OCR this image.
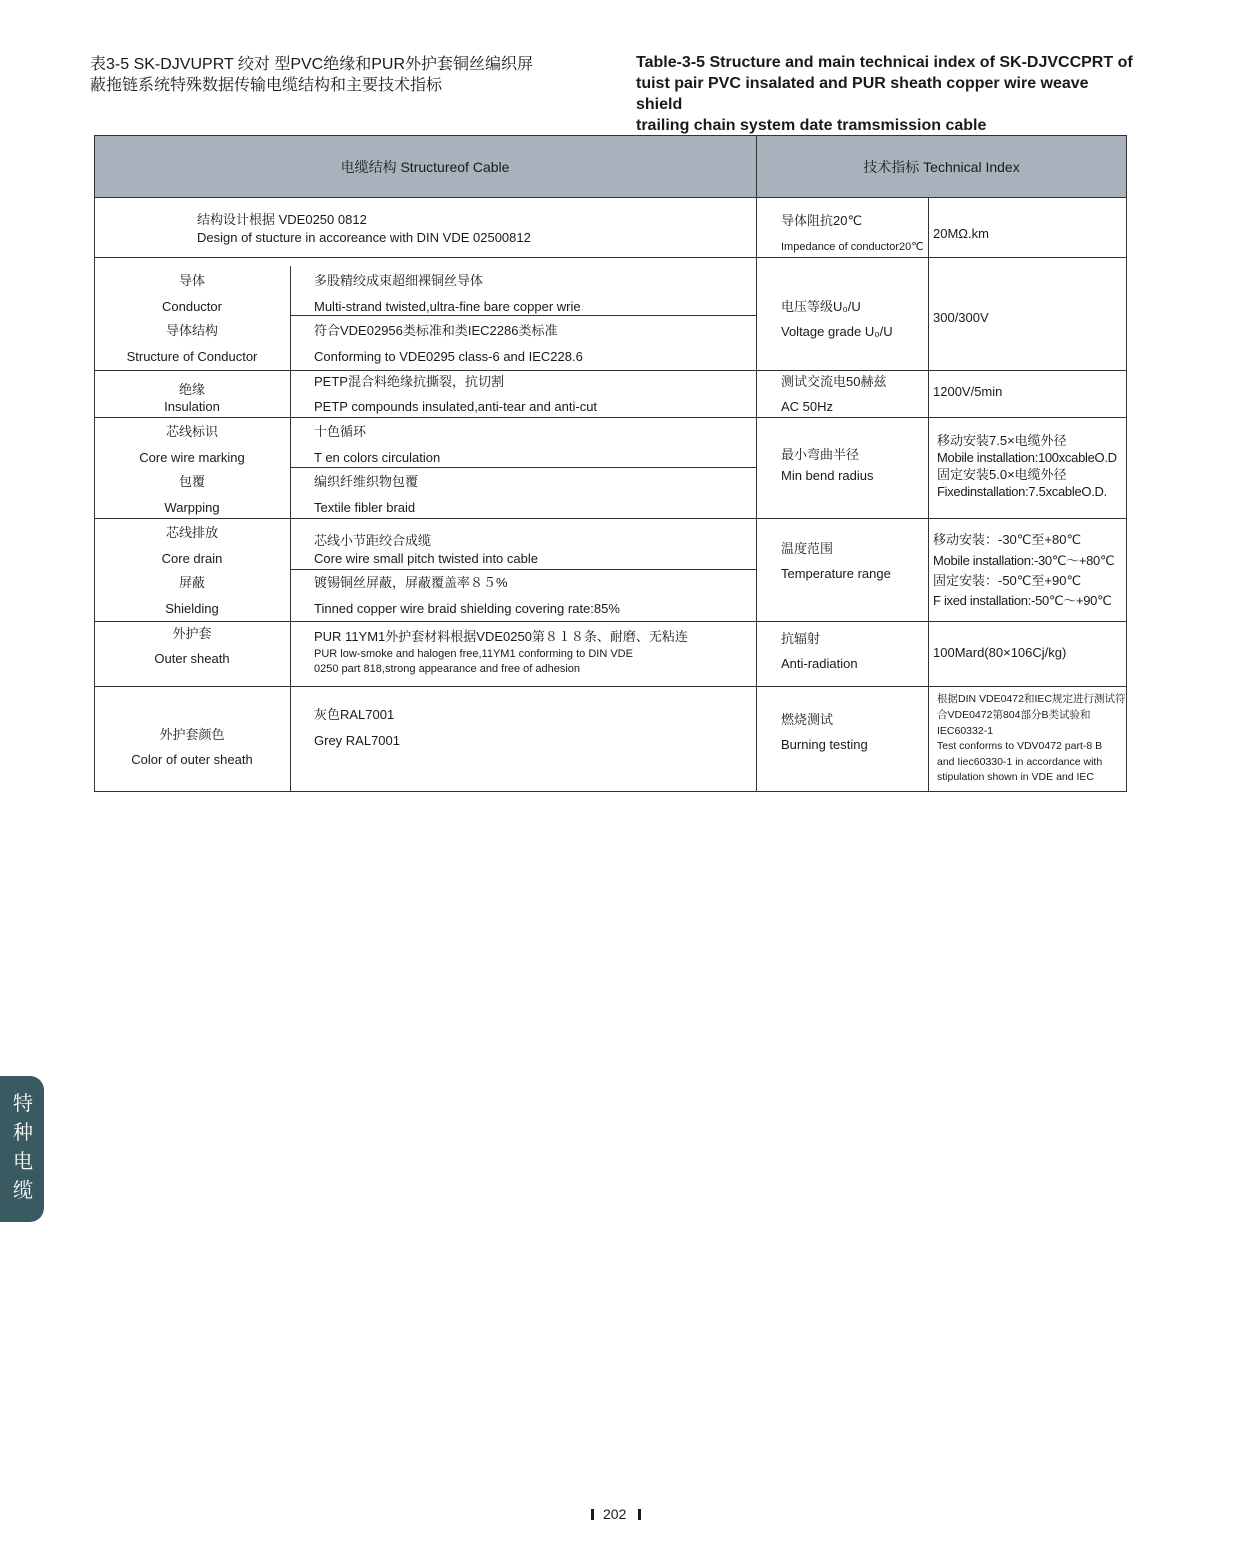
表3-5 SK-DJVUPRT 绞对 型PVC绝缘和PUR外护套铜丝编织屏
蔽拖链系统特殊数据传输电缆结构和主要技术指标
Table-3-5 Structure and main technicai index of SK-DJVCCPRT of
tuist pair PVC insalated and PUR sheath copper wire weave shield
trailing chain system date tramsmission cable
电缆结构 Structureof Cable	技术指标 Technical Index
结构设计根据 VDE0250 0812
Design of stucture in accoreance with DIN VDE 02500812
导体
Conductor
多股精绞成束超细裸铜丝导体
Multi-strand twisted,ultra-fine bare copper wrie
导体结构
Structure of Conductor
符合VDE02956类标准和类IEC2286类标准
Conforming to VDE0295 class-6 and IEC228.6
绝缘
Insulation
PETP混合料绝缘抗撕裂，抗切割
PETP compounds insulated,anti-tear and anti-cut
芯线标识
Core wire marking
十色循环
T en colors circulation
包覆
Warpping
编织纤维织物包覆
Textile fibler braid
芯线排放
Core drain
芯线小节距绞合成缆
Core wire small pitch twisted into cable
屏蔽
Shielding
镀锡铜丝屏蔽，屏蔽覆盖率８５%
Tinned copper wire braid shielding covering rate:85%
外护套
Outer sheath
PUR 11YM1外护套材料根据VDE0250第８１８条、耐磨、无粘连
PUR low-smoke and halogen free,11YM1 conforming to DIN VDE
0250 part 818,strong appearance and free of adhesion
外护套颜色
Color of outer sheath
灰色RAL7001
Grey RAL7001
导体阻抗20℃
Impedance of conductor20℃
20MΩ.km
电压等级U₀/U
Voltage grade U₀/U
300/300V
测试交流电50赫兹
AC 50Hz
1200V/5min
最小弯曲半径
Min bend radius
移动安装7.5×电缆外径
Mobile installation:100xcableO.D
固定安装5.0×电缆外径
Fixedinstallation:7.5xcableO.D.
温度范围
Temperature range
移动安装：-30℃至+80℃
Mobile installation:-30℃～+80℃
固定安装：-50℃至+90℃
F ixed installation:-50℃～+90℃
抗辐射
Anti-radiation
100Mard(80×106Cj/kg)
燃烧测试
Burning testing
根据DIN VDE0472和IEC规定进行测试符
合VDE0472第804部分B类试验和
IEC60332-1
Test conforms to VDV0472 part-8 B
and Iiec60330-1 in accordance with
stipulation shown in VDE and IEC
特
种
电
缆
202
